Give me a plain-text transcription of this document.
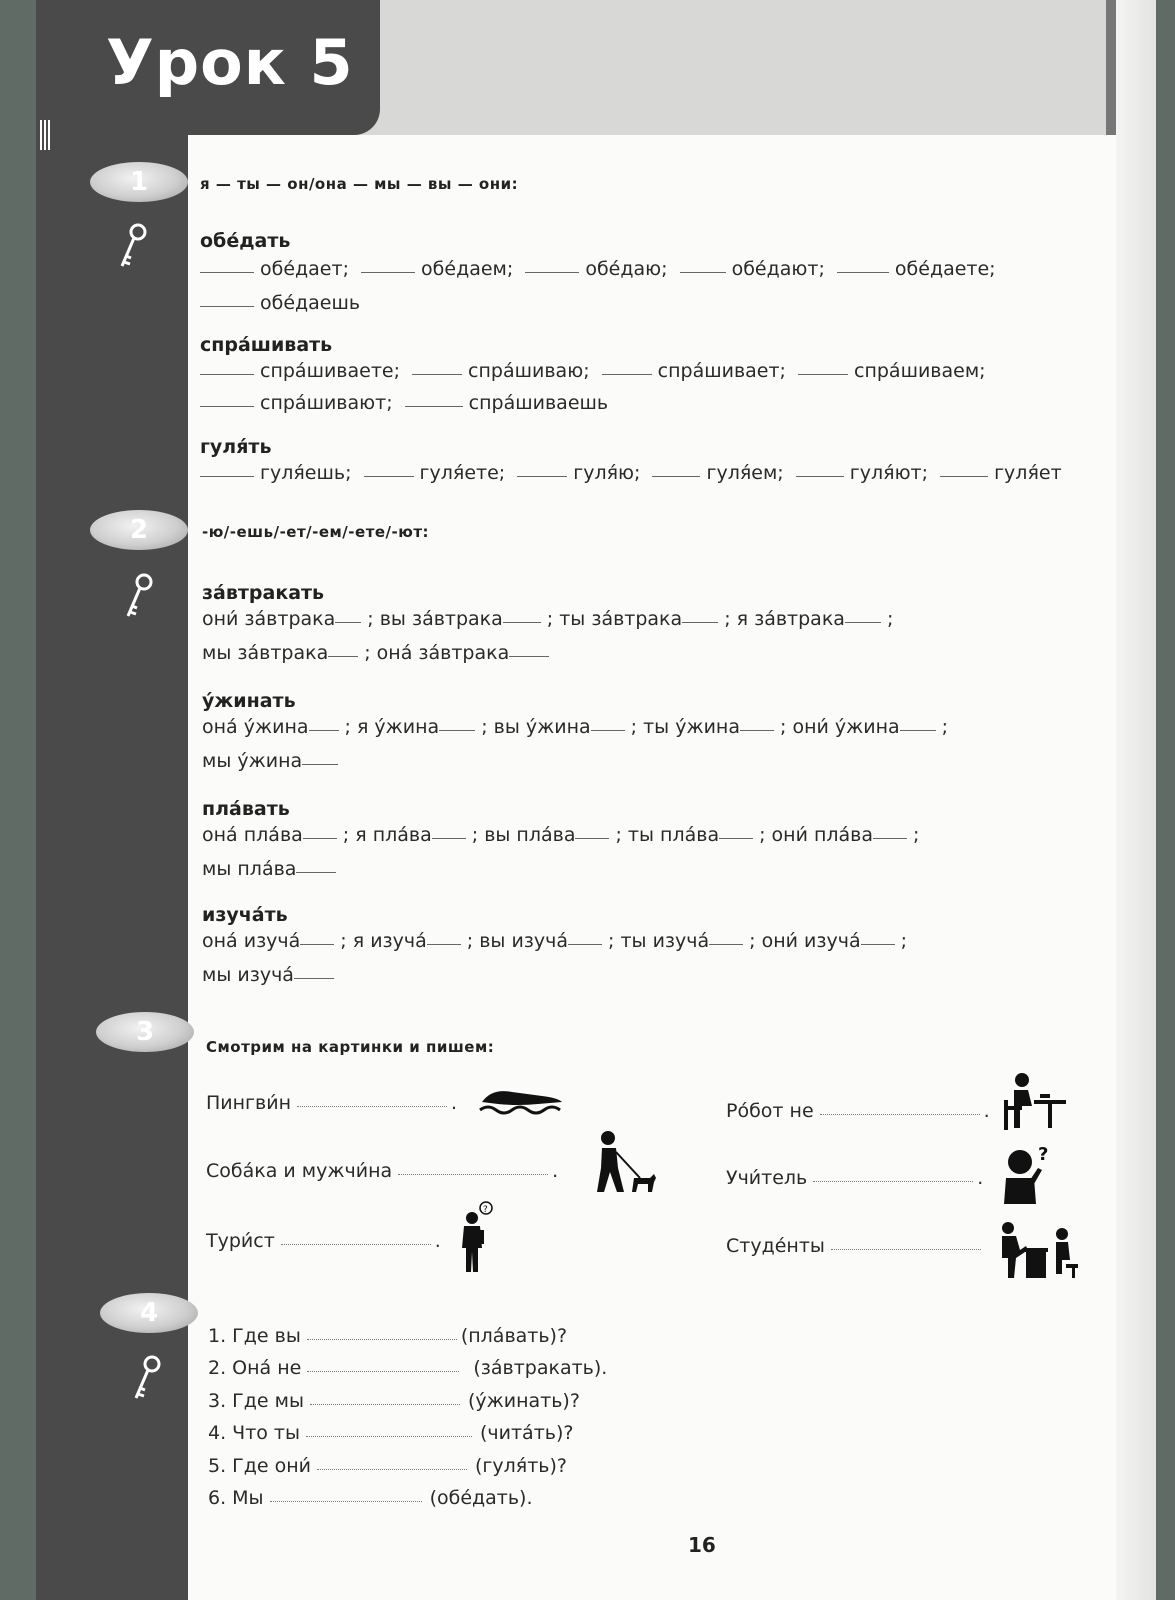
Урок 5
1
2
3
4
я — ты — он/она — мы — вы — они:
обе́дать
обе́дает;	обе́даем;	обе́даю;	обе́дают;	обе́даете;
обе́даешь
спра́шивать
спра́шиваете;	спра́шиваю;	спра́шивает;	спра́шиваем;
спра́шивают;	спра́шиваешь
гуля́ть
гуля́ешь;	гуля́ете;	гуля́ю;	гуля́ем;	гуля́ют;	гуля́ет
-ю/-ешь/-ет/-ем/-ете/-ют:
за́втракать
они́ за́втрака ; вы за́втрака ; ты за́втрака ; я за́втрака ;
мы за́втрака ; она́ за́втрака
у́жинать
она́ у́жина ; я у́жина ; вы у́жина ; ты у́жина ; они́ у́жина ;
мы у́жина
пла́вать
она́ пла́ва ; я пла́ва ; вы пла́ва ; ты пла́ва ; они́ пла́ва ;
мы пла́ва
изуча́ть
она́ изуча́ ; я изуча́ ; вы изуча́ ; ты изуча́ ; они́ изуча́ ;
мы изуча́
Смотрим на картинки и пишем:
Пингви́н	.
Соба́ка и мужчи́на	.
Тури́ст	.
Ро́бот не	.
Учи́тель	.
Студе́нты
?
?
1. Где вы	(пла́вать)?
2. Она́ не	(за́втракать).
3. Где мы	(у́жинать)?
4. Что ты	(чита́ть)?
5. Где они́	(гуля́ть)?
6. Мы	(обе́дать).
16
